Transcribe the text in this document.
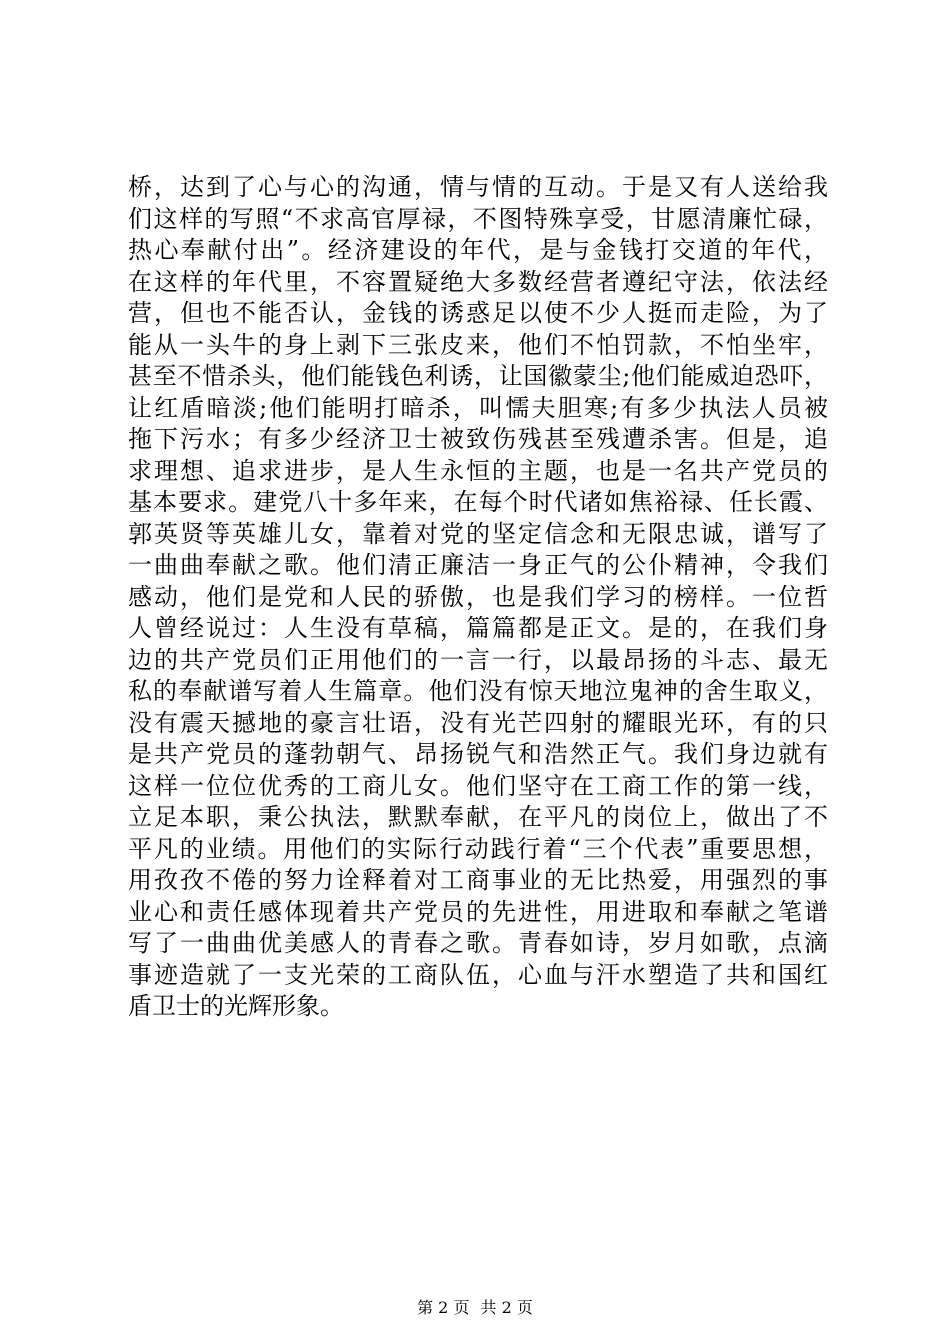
桥，达到了心与心的沟通，情与情的互动。于是又有人送给我
们这样的写照“不求高官厚禄，不图特殊享受，甘愿清廉忙碌，
热心奉献付出”。经济建设的年代，是与金钱打交道的年代，
在这样的年代里，不容置疑绝大多数经营者遵纪守法，依法经
营，但也不能否认，金钱的诱惑足以使不少人挺而走险，为了
能从一头牛的身上剥下三张皮来，他们不怕罚款，不怕坐牢，
甚至不惜杀头，他们能钱色利诱，让国徽蒙尘;他们能威迫恐吓，
让红盾暗淡;他们能明打暗杀，叫懦夫胆寒;有多少执法人员被
拖下污水；有多少经济卫士被致伤残甚至残遭杀害。但是，追
求理想、追求进步，是人生永恒的主题，也是一名共产党员的
基本要求。建党八十多年来，在每个时代诸如焦裕禄、任长霞、
郭英贤等英雄儿女，靠着对党的坚定信念和无限忠诚，谱写了
一曲曲奉献之歌。他们清正廉洁一身正气的公仆精神，令我们
感动，他们是党和人民的骄傲，也是我们学习的榜样。一位哲
人曾经说过：人生没有草稿，篇篇都是正文。是的，在我们身
边的共产党员们正用他们的一言一行，以最昂扬的斗志、最无
私的奉献谱写着人生篇章。他们没有惊天地泣鬼神的舍生取义，
没有震天撼地的豪言壮语，没有光芒四射的耀眼光环，有的只
是共产党员的蓬勃朝气、昂扬锐气和浩然正气。我们身边就有
这样一位位优秀的工商儿女。他们坚守在工商工作的第一线，
立足本职，秉公执法，默默奉献，在平凡的岗位上，做出了不
平凡的业绩。用他们的实际行动践行着“三个代表”重要思想，
用孜孜不倦的努力诠释着对工商事业的无比热爱，用强烈的事
业心和责任感体现着共产党员的先进性，用进取和奉献之笔谱
写了一曲曲优美感人的青春之歌。青春如诗，岁月如歌，点滴
事迹造就了一支光荣的工商队伍，心血与汗水塑造了共和国红
盾卫士的光辉形象。
第 2 页 共 2 页
